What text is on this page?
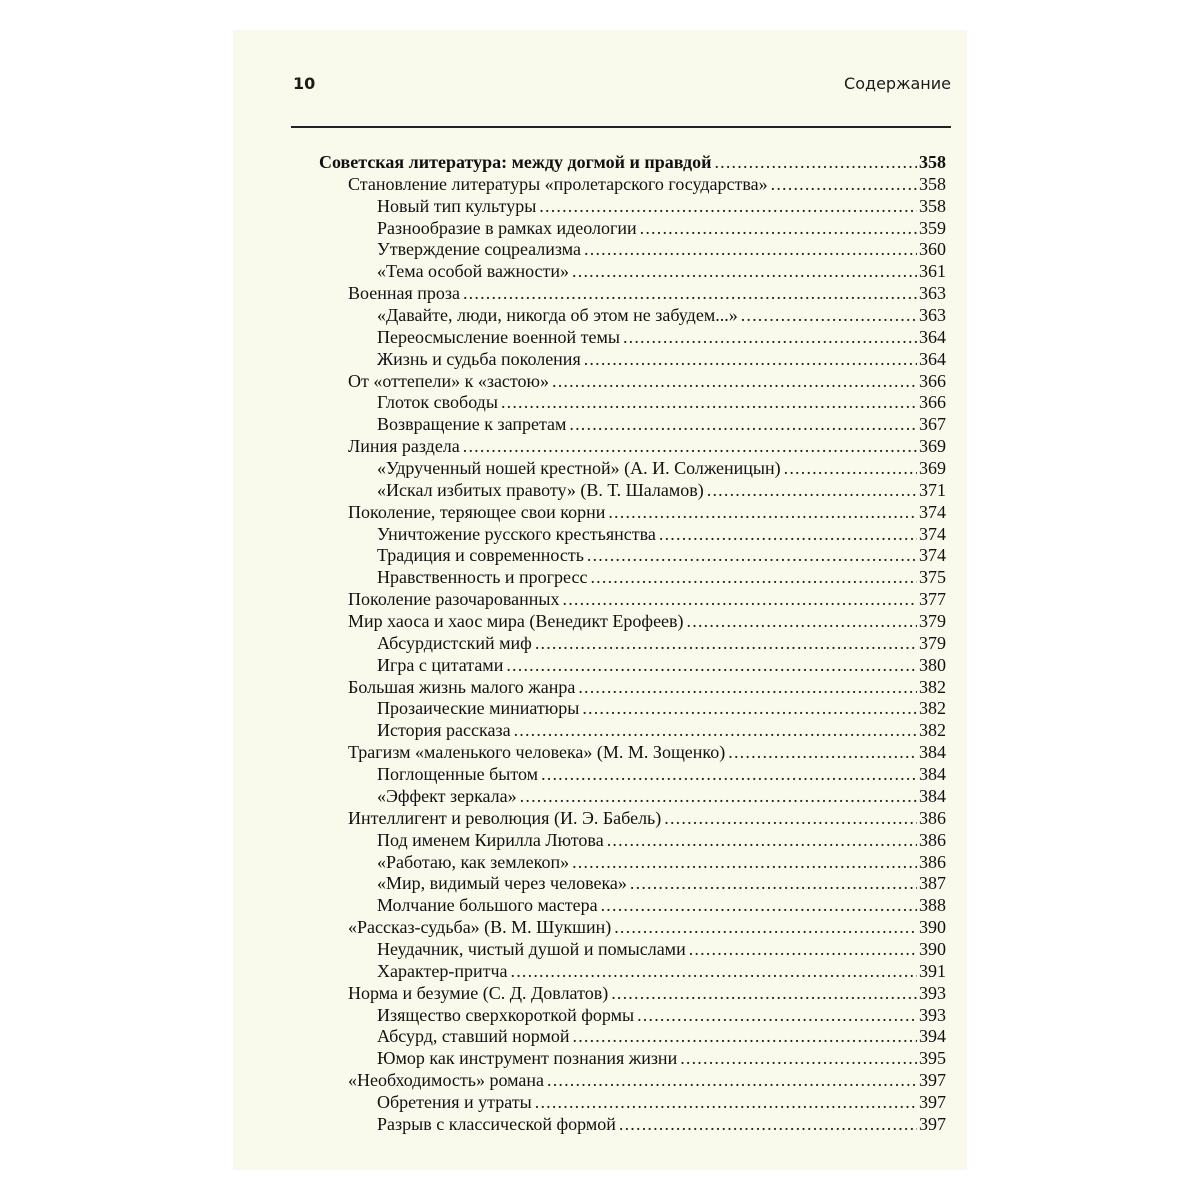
10	Содержание
Советская литература: между догмой и правдой .....	358
Становление литературы «пролетарского государства» .....	358
Новый тип культуры .....	358
Разнообразие в рамках идеологии .....	359
Утверждение соцреализма .....	360
«Тема особой важности» .....	361
Военная проза .....	363
«Давайте, люди, никогда об этом не забудем...» .....	363
Переосмысление военной темы .....	364
Жизнь и судьба поколения .....	364
От «оттепели» к «застою» .....	366
Глоток свободы .....	366
Возвращение к запретам .....	367
Линия раздела .....	369
«Удрученный ношей крестной» (А. И. Солженицын) .....	369
«Искал избитых правоту» (В. Т. Шаламов) .....	371
Поколение, теряющее свои корни .....	374
Уничтожение русского крестьянства .....	374
Традиция и современность .....	374
Нравственность и прогресс .....	375
Поколение разочарованных .....	377
Мир хаоса и хаос мира (Венедикт Ерофеев) .....	379
Абсурдистский миф .....	379
Игра с цитатами .....	380
Большая жизнь малого жанра .....	382
Прозаические миниатюры .....	382
История рассказа .....	382
Трагизм «маленького человека» (М. М. Зощенко) .....	384
Поглощенные бытом .....	384
«Эффект зеркала» .....	384
Интеллигент и революция (И. Э. Бабель) .....	386
Под именем Кирилла Лютова .....	386
«Работаю, как землекоп» .....	386
«Мир, видимый через человека» .....	387
Молчание большого мастера .....	388
«Рассказ-судьба» (В. М. Шукшин) .....	390
Неудачник, чистый душой и помыслами .....	390
Характер-притча .....	391
Норма и безумие (С. Д. Довлатов) .....	393
Изящество сверхкороткой формы .....	393
Абсурд, ставший нормой .....	394
Юмор как инструмент познания жизни .....	395
«Необходимость» романа .....	397
Обретения и утраты .....	397
Разрыв с классической формой .....	397
